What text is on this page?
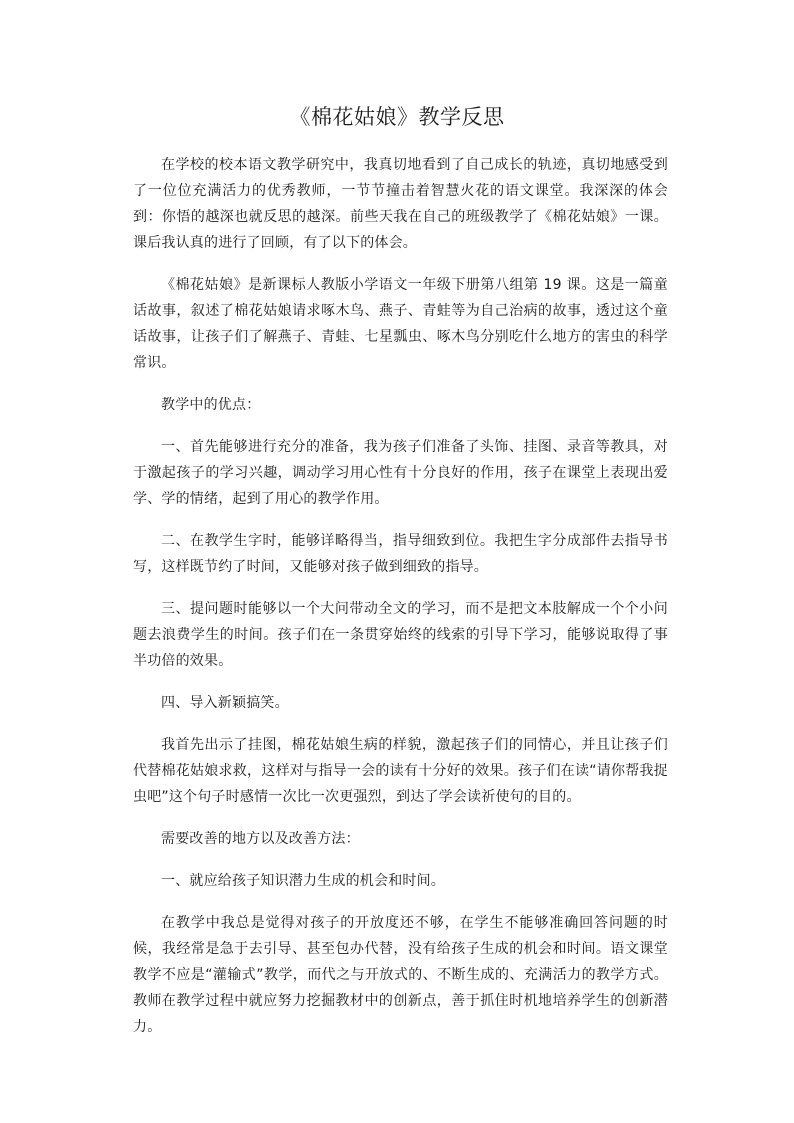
《棉花姑娘》教学反思

在学校的校本语文教学研究中，我真切地看到了自己成长的轨迹，真切地感受到了一位位充满活力的优秀教师，一节节撞击着智慧火花的语文课堂。我深深的体会到：你悟的越深也就反思的越深。前些天我在自己的班级教学了《棉花姑娘》一课。课后我认真的进行了回顾，有了以下的体会。

《棉花姑娘》是新课标人教版小学语文一年级下册第八组第 19 课。这是一篇童话故事，叙述了棉花姑娘请求啄木鸟、燕子、青蛙等为自己治病的故事，透过这个童话故事，让孩子们了解燕子、青蛙、七星瓢虫、啄木鸟分别吃什么地方的害虫的科学常识。

教学中的优点：

一、首先能够进行充分的准备，我为孩子们准备了头饰、挂图、录音等教具，对于激起孩子的学习兴趣，调动学习用心性有十分良好的作用，孩子在课堂上表现出爱学、学的情绪，起到了用心的教学作用。

二、在教学生字时，能够详略得当，指导细致到位。我把生字分成部件去指导书写，这样既节约了时间，又能够对孩子做到细致的指导。

三、提问题时能够以一个大问带动全文的学习，而不是把文本肢解成一个个小问题去浪费学生的时间。孩子们在一条贯穿始终的线索的引导下学习，能够说取得了事半功倍的效果。

四、导入新颖搞笑。

我首先出示了挂图，棉花姑娘生病的样貌，激起孩子们的同情心，并且让孩子们代替棉花姑娘求救，这样对与指导一会的读有十分好的效果。孩子们在读“请你帮我捉虫吧”这个句子时感情一次比一次更强烈，到达了学会读祈使句的目的。

需要改善的地方以及改善方法：

一、就应给孩子知识潜力生成的机会和时间。

在教学中我总是觉得对孩子的开放度还不够，在学生不能够准确回答问题的时候，我经常是急于去引导、甚至包办代替，没有给孩子生成的机会和时间。语文课堂教学不应是“灌输式”教学，而代之与开放式的、不断生成的、充满活力的教学方式。教师在教学过程中就应努力挖掘教材中的创新点，善于抓住时机地培养学生的创新潜力。
